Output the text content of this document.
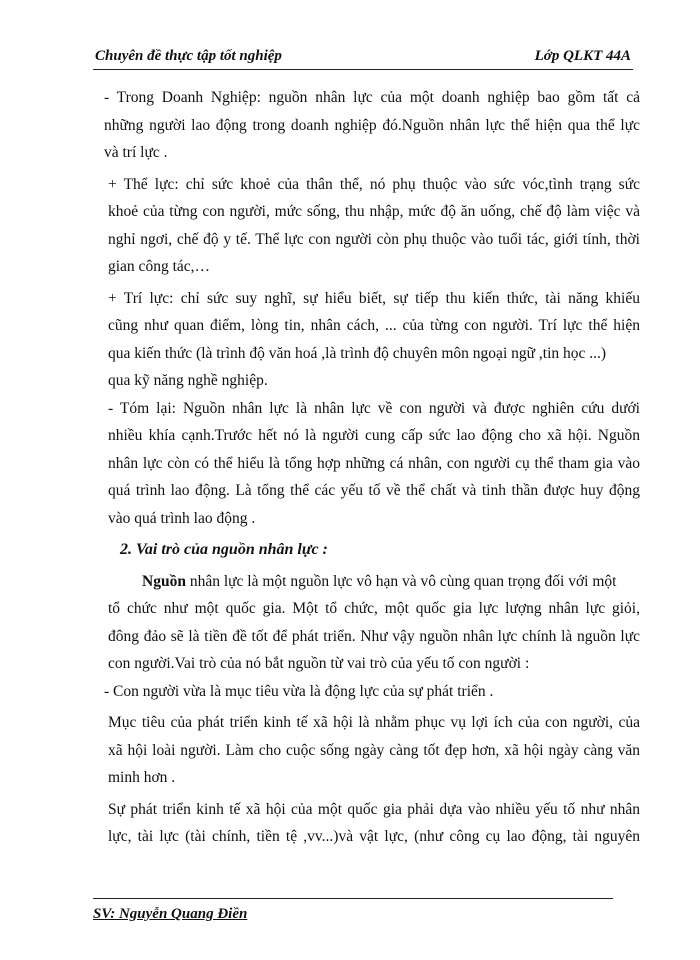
Chuyên đề thực tập tốt nghiệp	Lớp QLKT 44A
- Trong Doanh Nghiệp: nguồn nhân lực của một doanh nghiệp bao gồm tất cả
những người lao động trong doanh nghiệp đó.Nguồn nhân lực thể hiện qua thể lực
và trí lực .
+ Thể lực: chỉ sức khoẻ của thân thể, nó phụ thuộc vào sức vóc,tình trạng sức
khoẻ của từng con người, mức sống, thu nhập, mức độ ăn uống, chế độ làm việc và
nghỉ ngơi, chế độ y tế. Thể lực con người còn phụ thuộc vào tuổi tác, giới tính, thời
gian công tác,…
+ Trí lực: chỉ sức suy nghĩ, sự hiểu biết, sự tiếp thu kiến thức, tài năng khiếu
cũng như quan điểm, lòng tin, nhân cách, ... của từng con người. Trí lực thể hiện
qua kiến thức (là trình độ văn hoá ,là trình độ chuyên môn ngoại ngữ ,tin học ...)
qua kỹ năng nghề nghiệp.
- Tóm lại: Nguồn nhân lực là nhân lực về con người và được nghiên cứu dưới
nhiều khía cạnh.Trước hết nó là người cung cấp sức lao động cho xã hội. Nguồn
nhân lực còn có thể hiểu là tổng hợp những cá nhân, con người cụ thể tham gia vào
quá trình lao động. Là tổng thể các yếu tố về thể chất và tinh thần được huy động
vào quá trình lao động .
2. Vai trò của nguồn nhân lực :
Nguồn nhân lực là một nguồn lực vô hạn và vô cùng quan trọng đối với một
tổ chức như một quốc gia. Một tổ chức, một quốc gia lực lượng nhân lực giỏi,
đông đảo sẽ là tiền đề tốt để phát triển. Như vậy nguồn nhân lực chính là nguồn lực
con người.Vai trò của nó bắt nguồn từ vai trò của yếu tố con người :
- Con người vừa là mục tiêu vừa là động lực của sự phát triển .
Mục tiêu của phát triển kinh tế xã hội là nhằm phục vụ lợi ích của con người, của
xã hội loài người. Làm cho cuộc sống ngày càng tốt đẹp hơn, xã hội ngày càng văn
minh hơn .
Sự phát triển kinh tế xã hội của một quốc gia phải dựa vào nhiều yếu tố như nhân
lực, tài lực (tài chính, tiền tệ ,vv...)và vật lực, (như công cụ lao động, tài nguyên
SV: Nguyễn Quang Điền
